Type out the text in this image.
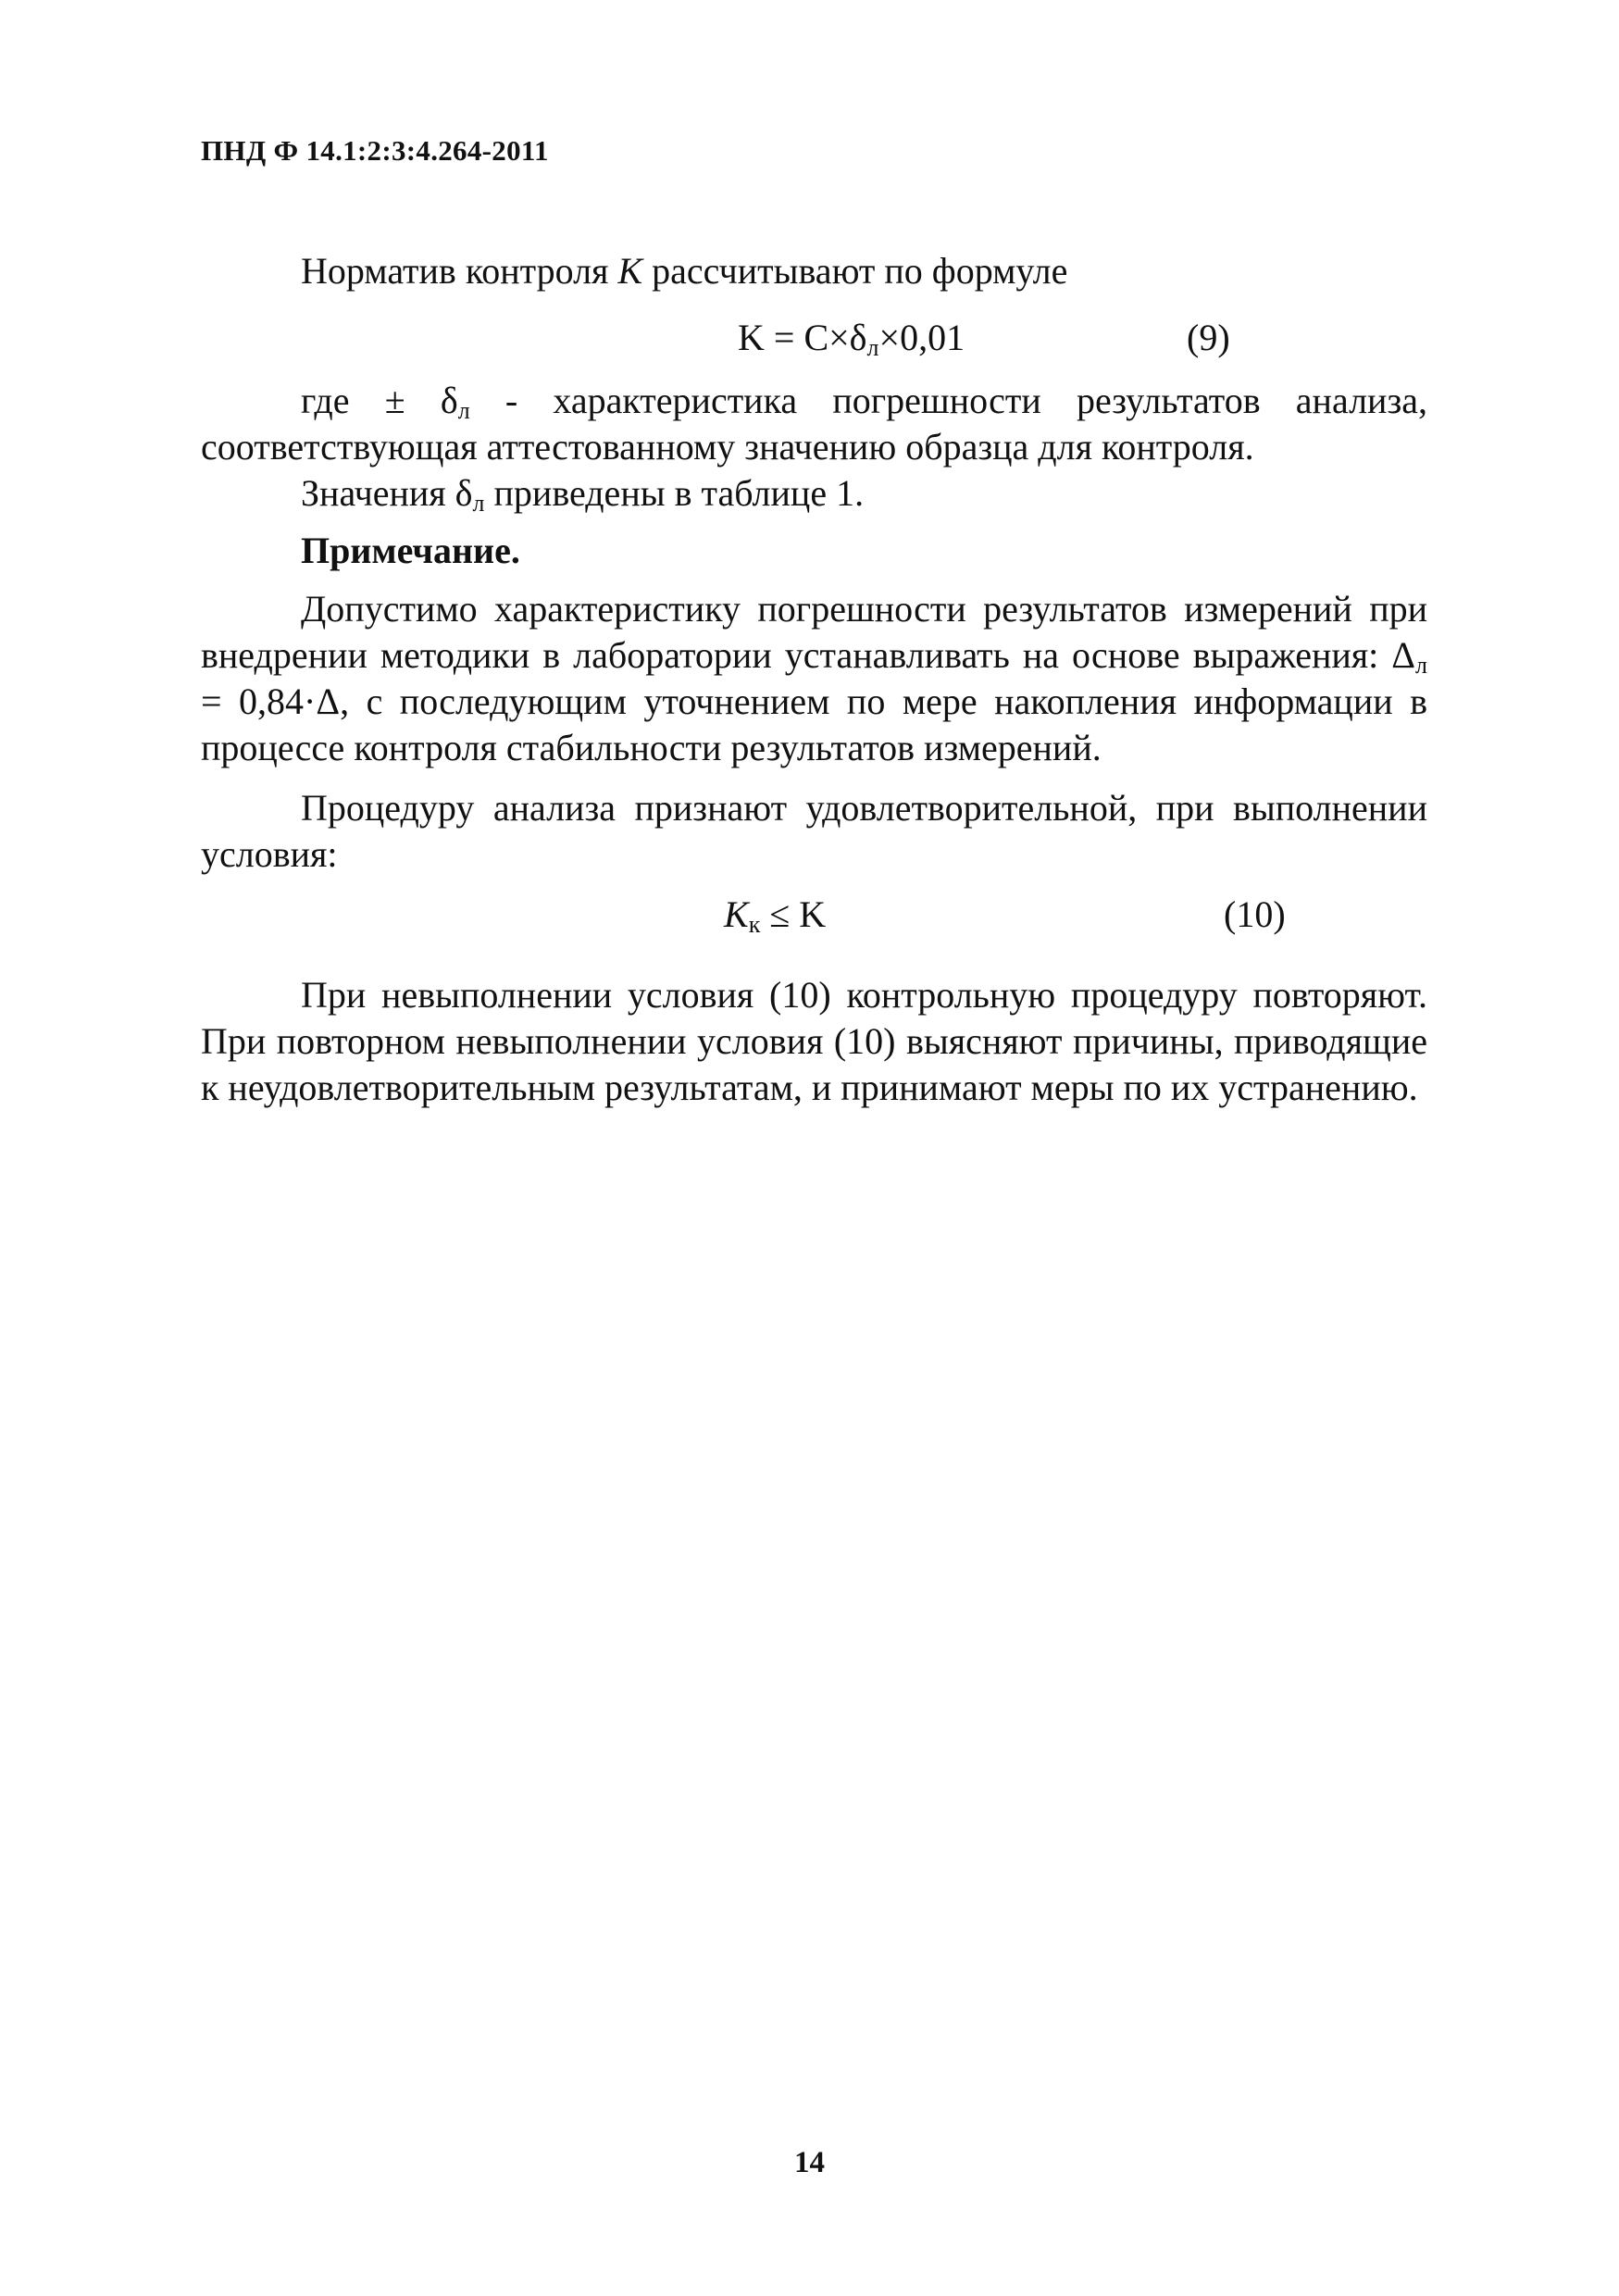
ПНД Ф 14.1:2:3:4.264-2011
Норматив контроля K рассчитывают по формуле
$K = C\times\delta_л\times 0,01$	(9)
где ± $\delta_л$ - характеристика погрешности результатов анализа, соответствующая аттестованному значению образца для контроля.
Значения $\delta_л$ приведены в таблице 1.
Примечание.
Допустимо характеристику погрешности результатов измерений при внедрении методики в лаборатории устанавливать на основе выражения: $\Delta_л = 0,84\cdot\Delta$, с последующим уточнением по мере накопления информации в процессе контроля стабильности результатов измерений.
Процедуру анализа признают удовлетворительной, при выполнении условия:
$K_к \le K$	(10)
При невыполнении условия (10) контрольную процедуру повторяют. При повторном невыполнении условия (10) выясняют причины, приводящие к неудовлетворительным результатам, и принимают меры по их устранению.
14
